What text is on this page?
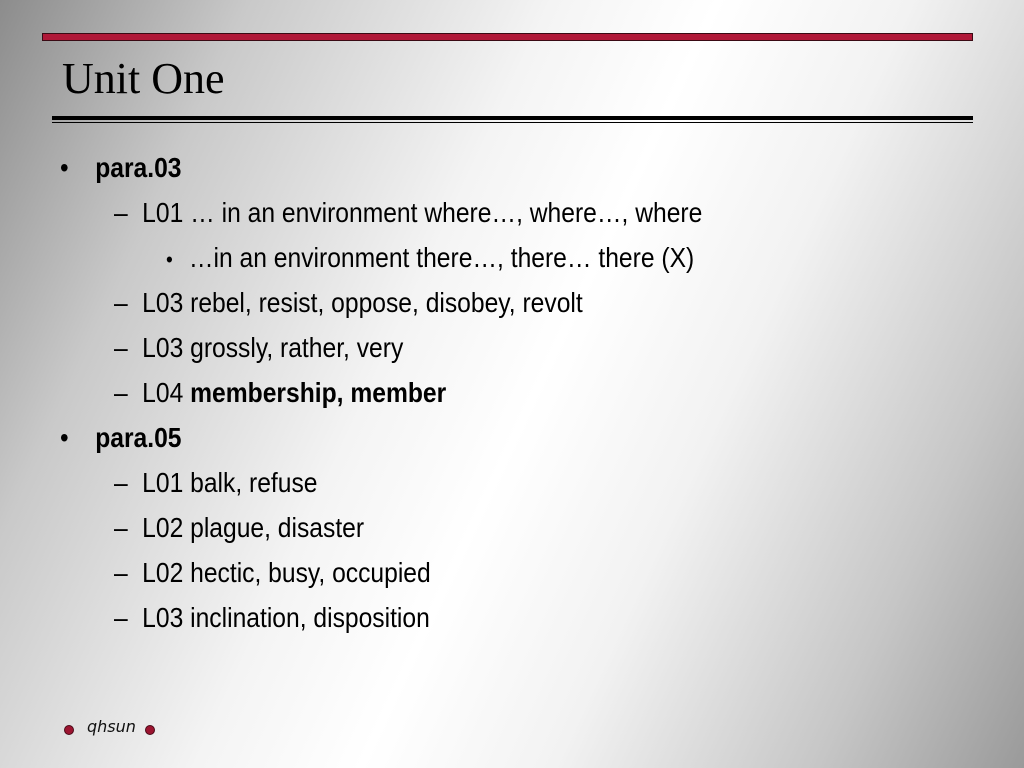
Unit One
• para.03
– L01 … in an environment where…, where…, where
• …in an environment there…, there… there (X)
– L03 rebel, resist, oppose, disobey, revolt
– L03 grossly, rather, very
– L04 membership, member
• para.05
– L01 balk, refuse
– L02 plague, disaster
– L02 hectic, busy, occupied
– L03 inclination, disposition
qhsun
